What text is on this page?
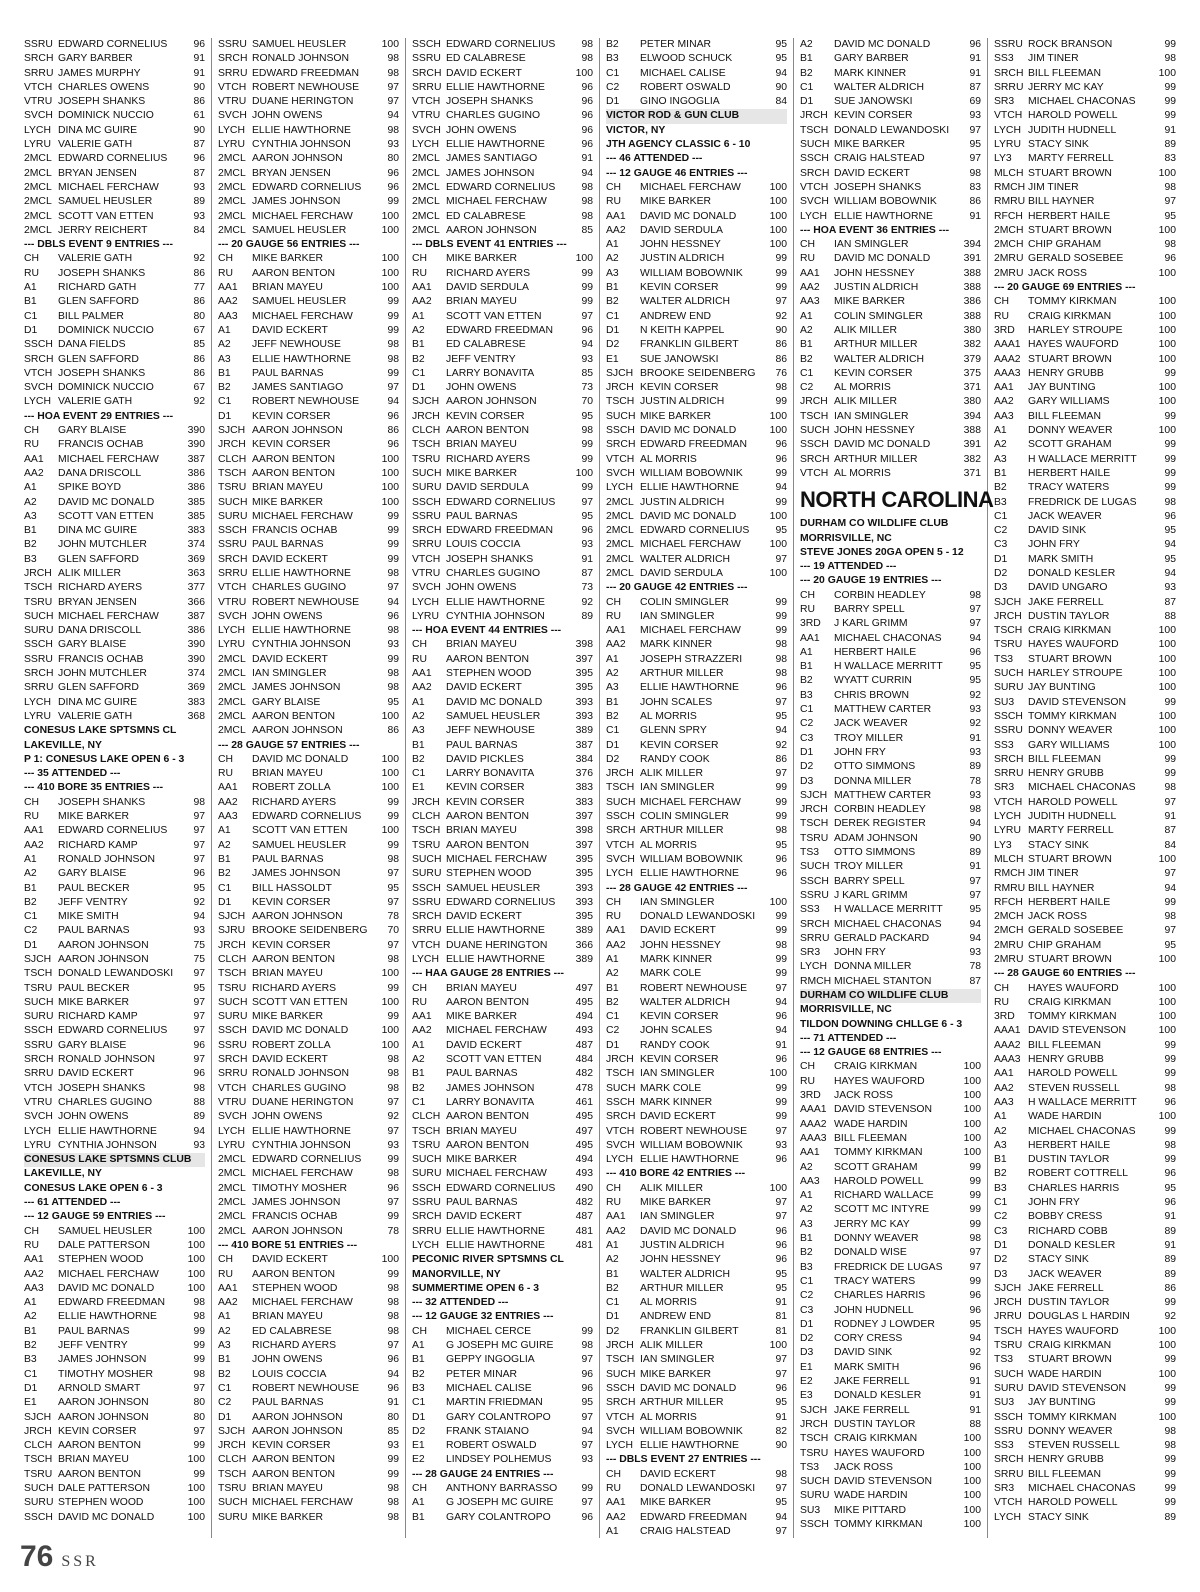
SSRU EDWARD CORNELIUS	96
SRCH GARY BARBER	91
SRRU JAMES MURPHY	91
VTCH CHARLES OWENS	90
VTRU JOSEPH SHANKS	86
SVCH DOMINICK NUCCIO	61
LYCH DINA MC GUIRE	90
LYRU VALERIE GATH	87
2MCL EDWARD CORNELIUS	96
2MCL BRYAN JENSEN	87
2MCL MICHAEL FERCHAW	93
2MCL SAMUEL HEUSLER	89
2MCL SCOTT VAN ETTEN	93
2MCL JERRY REICHERT	84
--- DBLS EVENT 9 ENTRIES ---
CH	VALERIE GATH	92
RU	JOSEPH SHANKS	86
A1	RICHARD GATH	77
B1	GLEN SAFFORD	86
C1	BILL PALMER	80
D1	DOMINICK NUCCIO	67
SSCH DANA FIELDS	85
SRCH GLEN SAFFORD	86
VTCH JOSEPH SHANKS	86
SVCH DOMINICK NUCCIO	67
LYCH VALERIE GATH	92
--- HOA EVENT 29 ENTRIES ---
CH	GARY BLAISE	390
RU	FRANCIS OCHAB	390
AA1	MICHAEL FERCHAW	387
AA2	DANA DRISCOLL	386
A1	SPIKE BOYD	386
A2	DAVID MC DONALD	385
A3	SCOTT VAN ETTEN	385
B1	DINA MC GUIRE	383
B2	JOHN MUTCHLER	374
B3	GLEN SAFFORD	369
JRCH ALIK MILLER	363
TSCH RICHARD AYERS	377
TSRU BRYAN JENSEN	366
SUCH MICHAEL FERCHAW	387
SURU DANA DRISCOLL	386
SSCH GARY BLAISE	390
SSRU FRANCIS OCHAB	390
SRCH JOHN MUTCHLER	374
SRRU GLEN SAFFORD	369
LYCH DINA MC GUIRE	383
LYRU VALERIE GATH	368
CONESUS LAKE SPTSMNS CL
LAKEVILLE, NY
P 1: CONESUS LAKE OPEN 6 - 3
--- 35 ATTENDED ---
--- 410 BORE 35 ENTRIES ---
CH	JOSEPH SHANKS	98
RU	MIKE BARKER	97
AA1	EDWARD CORNELIUS	97
AA2	RICHARD KAMP	97
A1	RONALD JOHNSON	97
A2	GARY BLAISE	96
B1	PAUL BECKER	95
B2	JEFF VENTRY	92
C1	MIKE SMITH	94
C2	PAUL BARNAS	93
D1	AARON JOHNSON	75
SJCH AARON JOHNSON	75
TSCH DONALD LEWANDOSKI	97
TSRU PAUL BECKER	95
SUCH MIKE BARKER	97
SURU RICHARD KAMP	97
SSCH EDWARD CORNELIUS	97
SSRU GARY BLAISE	96
SRCH RONALD JOHNSON	97
SRRU DAVID ECKERT	96
VTCH JOSEPH SHANKS	98
VTRU CHARLES GUGINO	88
SVCH JOHN OWENS	89
LYCH ELLIE HAWTHORNE	94
LYRU CYNTHIA JOHNSON	93
CONESUS LAKE SPTSMNS CLUB
LAKEVILLE, NY
CONESUS LAKE OPEN 6 - 3
--- 61 ATTENDED ---
--- 12 GAUGE 59 ENTRIES ---
CH	SAMUEL HEUSLER	100
RU	DALE PATTERSON	100
AA1	STEPHEN WOOD	100
AA2	MICHAEL FERCHAW	100
AA3	DAVID MC DONALD	100
A1	EDWARD FREEDMAN	98
A2	ELLIE HAWTHORNE	98
B1	PAUL BARNAS	99
B2	JEFF VENTRY	99
B3	JAMES JOHNSON	99
C1	TIMOTHY MOSHER	98
D1	ARNOLD SMART	97
E1	AARON JOHNSON	80
SJCH AARON JOHNSON	80
JRCH KEVIN CORSER	97
CLCH AARON BENTON	99
TSCH BRIAN MAYEU	100
TSRU AARON BENTON	99
SUCH DALE PATTERSON	100
SURU STEPHEN WOOD	100
SSCH DAVID MC DONALD	100
SSRU SAMUEL HEUSLER	100
SRCH RONALD JOHNSON	98
SRRU EDWARD FREEDMAN	98
VTCH ROBERT NEWHOUSE	97
VTRU DUANE HERINGTON	97
SVCH JOHN OWENS	94
LYCH ELLIE HAWTHORNE	98
LYRU CYNTHIA JOHNSON	93
2MCL AARON JOHNSON	80
2MCL BRYAN JENSEN	96
2MCL EDWARD CORNELIUS	96
2MCL JAMES JOHNSON	99
2MCL MICHAEL FERCHAW	100
2MCL SAMUEL HEUSLER	100
--- 20 GAUGE 56 ENTRIES ---
CH	MIKE BARKER	100
RU	AARON BENTON	100
AA1	BRIAN MAYEU	100
AA2	SAMUEL HEUSLER	99
AA3	MICHAEL FERCHAW	99
A1	DAVID ECKERT	99
A2	JEFF NEWHOUSE	98
A3	ELLIE HAWTHORNE	98
B1	PAUL BARNAS	99
B2	JAMES SANTIAGO	97
C1	ROBERT NEWHOUSE	94
D1	KEVIN CORSER	96
SJCH AARON JOHNSON	86
JRCH KEVIN CORSER	96
CLCH AARON BENTON	100
TSCH AARON BENTON	100
TSRU BRIAN MAYEU	100
SUCH MIKE BARKER	100
SURU MICHAEL FERCHAW	99
SSCH FRANCIS OCHAB	99
SSRU PAUL BARNAS	99
SRCH DAVID ECKERT	99
SRRU ELLIE HAWTHORNE	98
VTCH CHARLES GUGINO	97
VTRU ROBERT NEWHOUSE	94
SVCH JOHN OWENS	96
LYCH ELLIE HAWTHORNE	98
LYRU CYNTHIA JOHNSON	93
2MCL DAVID ECKERT	99
2MCL IAN SMINGLER	98
2MCL JAMES JOHNSON	98
2MCL GARY BLAISE	95
2MCL AARON BENTON	100
2MCL AARON JOHNSON	86
--- 28 GAUGE 57 ENTRIES ---
CH	DAVID MC DONALD	100
RU	BRIAN MAYEU	100
AA1	ROBERT ZOLLA	100
AA2	RICHARD AYERS	99
AA3	EDWARD CORNELIUS	99
A1	SCOTT VAN ETTEN	100
A2	SAMUEL HEUSLER	99
B1	PAUL BARNAS	98
B2	JAMES JOHNSON	97
C1	BILL HASSOLDT	95
D1	KEVIN CORSER	97
SJCH AARON JOHNSON	78
SJRU BROOKE SEIDENBERG	70
JRCH KEVIN CORSER	97
CLCH AARON BENTON	98
TSCH BRIAN MAYEU	100
TSRU RICHARD AYERS	99
SUCH SCOTT VAN ETTEN	100
SURU MIKE BARKER	99
SSCH DAVID MC DONALD	100
SSRU ROBERT ZOLLA	100
SRCH DAVID ECKERT	98
SRRU RONALD JOHNSON	98
VTCH CHARLES GUGINO	98
VTRU DUANE HERINGTON	97
SVCH JOHN OWENS	92
LYCH ELLIE HAWTHORNE	97
LYRU CYNTHIA JOHNSON	93
2MCL EDWARD CORNELIUS	99
2MCL MICHAEL FERCHAW	98
2MCL TIMOTHY MOSHER	96
2MCL JAMES JOHNSON	97
2MCL FRANCIS OCHAB	99
2MCL AARON JOHNSON	78
--- 410 BORE 51 ENTRIES ---
CH	DAVID ECKERT	100
RU	AARON BENTON	99
AA1	STEPHEN WOOD	98
AA2	MICHAEL FERCHAW	98
A1	BRIAN MAYEU	98
A2	ED CALABRESE	98
A3	RICHARD AYERS	97
B1	JOHN OWENS	96
B2	LOUIS COCCIA	94
C1	ROBERT NEWHOUSE	96
C2	PAUL BARNAS	91
D1	AARON JOHNSON	80
SJCH AARON JOHNSON	85
JRCH KEVIN CORSER	93
CLCH AARON BENTON	99
TSCH AARON BENTON	99
TSRU BRIAN MAYEU	98
SUCH MICHAEL FERCHAW	98
SURU MIKE BARKER	98
SSCH EDWARD CORNELIUS	98
SSRU ED CALABRESE	98
SRCH DAVID ECKERT	100
SRRU ELLIE HAWTHORNE	96
VTCH JOSEPH SHANKS	96
VTRU CHARLES GUGINO	96
SVCH JOHN OWENS	96
LYCH ELLIE HAWTHORNE	96
2MCL JAMES SANTIAGO	91
2MCL JAMES JOHNSON	94
2MCL EDWARD CORNELIUS	98
2MCL MICHAEL FERCHAW	98
2MCL ED CALABRESE	98
2MCL AARON JOHNSON	85
--- DBLS EVENT 41 ENTRIES ---
CH	MIKE BARKER	100
RU	RICHARD AYERS	99
AA1	DAVID SERDULA	99
AA2	BRIAN MAYEU	99
A1	SCOTT VAN ETTEN	97
A2	EDWARD FREEDMAN	96
B1	ED CALABRESE	94
B2	JEFF VENTRY	93
C1	LARRY BONAVITA	85
D1	JOHN OWENS	73
SJCH AARON JOHNSON	70
JRCH KEVIN CORSER	95
CLCH AARON BENTON	98
TSCH BRIAN MAYEU	99
TSRU RICHARD AYERS	99
SUCH MIKE BARKER	100
SURU DAVID SERDULA	99
SSCH EDWARD CORNELIUS	97
SSRU PAUL BARNAS	95
SRCH EDWARD FREEDMAN	96
SRRU LOUIS COCCIA	93
VTCH JOSEPH SHANKS	91
VTRU CHARLES GUGINO	87
SVCH JOHN OWENS	73
LYCH ELLIE HAWTHORNE	92
LYRU CYNTHIA JOHNSON	89
--- HOA EVENT 44 ENTRIES ---
CH	BRIAN MAYEU	398
RU	AARON BENTON	397
AA1	STEPHEN WOOD	395
AA2	DAVID ECKERT	395
A1	DAVID MC DONALD	393
A2	SAMUEL HEUSLER	393
A3	JEFF NEWHOUSE	389
B1	PAUL BARNAS	387
B2	DAVID PICKLES	384
C1	LARRY BONAVITA	376
E1	KEVIN CORSER	383
JRCH KEVIN CORSER	383
CLCH AARON BENTON	397
TSCH BRIAN MAYEU	398
TSRU AARON BENTON	397
SUCH MICHAEL FERCHAW	395
SURU STEPHEN WOOD	395
SSCH SAMUEL HEUSLER	393
SSRU EDWARD CORNELIUS	393
SRCH DAVID ECKERT	395
SRRU ELLIE HAWTHORNE	389
VTCH DUANE HERINGTON	366
LYCH ELLIE HAWTHORNE	389
--- HAA GAUGE 28 ENTRIES ---
CH	BRIAN MAYEU	497
RU	AARON BENTON	495
AA1	MIKE BARKER	494
AA2	MICHAEL FERCHAW	493
A1	DAVID ECKERT	487
A2	SCOTT VAN ETTEN	484
B1	PAUL BARNAS	482
B2	JAMES JOHNSON	478
C1	LARRY BONAVITA	461
CLCH AARON BENTON	495
TSCH BRIAN MAYEU	497
TSRU AARON BENTON	495
SUCH MIKE BARKER	494
SURU MICHAEL FERCHAW	493
SSCH EDWARD CORNELIUS	490
SSRU PAUL BARNAS	482
SRCH DAVID ECKERT	487
SRRU ELLIE HAWTHORNE	481
LYCH ELLIE HAWTHORNE	481
PECONIC RIVER SPTSMNS CL
MANORVILLE, NY
SUMMERTIME OPEN 6 - 3
--- 32 ATTENDED ---
--- 12 GAUGE 32 ENTRIES ---
CH	MICHAEL CERCE	99
A1	G JOSEPH MC GUIRE	98
B1	GEPPY INGOGLIA	97
B2	PETER MINAR	96
B3	MICHAEL CALISE	96
C1	MARTIN FRIEDMAN	95
D1	GARY COLANTROPO	97
D2	FRANK STAIANO	94
E1	ROBERT OSWALD	97
E2	LINDSEY POLHEMUS	93
--- 28 GAUGE 24 ENTRIES ---
CH	ANTHONY BARRASSO	99
A1	G JOSEPH MC GUIRE	97
B1	GARY COLANTROPO	96
B2	PETER MINAR	95
B3	ELWOOD SCHUCK	95
C1	MICHAEL CALISE	94
C2	ROBERT OSWALD	90
D1	GINO INGOGLIA	84
VICTOR ROD & GUN CLUB
VICTOR, NY
JTH AGENCY CLASSIC 6 - 10
--- 46 ATTENDED ---
--- 12 GAUGE 46 ENTRIES ---
CH	MICHAEL FERCHAW	100
RU	MIKE BARKER	100
AA1	DAVID MC DONALD	100
AA2	DAVID SERDULA	100
A1	JOHN HESSNEY	100
A2	JUSTIN ALDRICH	99
A3	WILLIAM BOBOWNIK	99
B1	KEVIN CORSER	99
B2	WALTER ALDRICH	97
C1	ANDREW END	92
D1	N KEITH KAPPEL	90
D2	FRANKLIN GILBERT	86
E1	SUE JANOWSKI	86
SJCH BROOKE SEIDENBERG	76
JRCH KEVIN CORSER	98
TSCH JUSTIN ALDRICH	99
SUCH MIKE BARKER	100
SSCH DAVID MC DONALD	100
SRCH EDWARD FREEDMAN	96
VTCH AL MORRIS	96
SVCH WILLIAM BOBOWNIK	99
LYCH ELLIE HAWTHORNE	94
2MCL JUSTIN ALDRICH	99
2MCL DAVID MC DONALD	100
2MCL EDWARD CORNELIUS	95
2MCL MICHAEL FERCHAW	100
2MCL WALTER ALDRICH	97
2MCL DAVID SERDULA	100
--- 20 GAUGE 42 ENTRIES ---
CH	COLIN SMINGLER	99
RU	IAN SMINGLER	99
AA1	MICHAEL FERCHAW	99
AA2	MARK KINNER	98
A1	JOSEPH STRAZZERI	98
A2	ARTHUR MILLER	98
A3	ELLIE HAWTHORNE	96
B1	JOHN SCALES	97
B2	AL MORRIS	95
C1	GLENN SPRY	94
D1	KEVIN CORSER	92
D2	RANDY COOK	86
JRCH ALIK MILLER	97
TSCH IAN SMINGLER	99
SUCH MICHAEL FERCHAW	99
SSCH COLIN SMINGLER	99
SRCH ARTHUR MILLER	98
VTCH AL MORRIS	95
SVCH WILLIAM BOBOWNIK	96
LYCH ELLIE HAWTHORNE	96
--- 28 GAUGE 42 ENTRIES ---
CH	IAN SMINGLER	100
RU	DONALD LEWANDOSKI	99
AA1	DAVID ECKERT	99
AA2	JOHN HESSNEY	98
A1	MARK KINNER	99
A2	MARK COLE	99
B1	ROBERT NEWHOUSE	97
B2	WALTER ALDRICH	94
C1	KEVIN CORSER	96
C2	JOHN SCALES	94
D1	RANDY COOK	91
JRCH KEVIN CORSER	96
TSCH IAN SMINGLER	100
SUCH MARK COLE	99
SSCH MARK KINNER	99
SRCH DAVID ECKERT	99
VTCH ROBERT NEWHOUSE	97
SVCH WILLIAM BOBOWNIK	93
LYCH ELLIE HAWTHORNE	96
--- 410 BORE 42 ENTRIES ---
CH	ALIK MILLER	100
RU	MIKE BARKER	97
AA1	IAN SMINGLER	97
AA2	DAVID MC DONALD	96
A1	JUSTIN ALDRICH	96
A2	JOHN HESSNEY	96
B1	WALTER ALDRICH	95
B2	ARTHUR MILLER	95
C1	AL MORRIS	91
D1	ANDREW END	81
D2	FRANKLIN GILBERT	81
JRCH ALIK MILLER	100
TSCH IAN SMINGLER	97
SUCH MIKE BARKER	97
SSCH DAVID MC DONALD	96
SRCH ARTHUR MILLER	95
VTCH AL MORRIS	91
SVCH WILLIAM BOBOWNIK	82
LYCH ELLIE HAWTHORNE	90
--- DBLS EVENT 27 ENTRIES ---
CH	DAVID ECKERT	98
RU	DONALD LEWANDOSKI	97
AA1	MIKE BARKER	95
AA2	EDWARD FREEDMAN	94
A1	CRAIG HALSTEAD	97
A2	DAVID MC DONALD	96
B1	GARY BARBER	91
B2	MARK KINNER	91
C1	WALTER ALDRICH	87
D1	SUE JANOWSKI	69
JRCH KEVIN CORSER	93
TSCH DONALD LEWANDOSKI	97
SUCH MIKE BARKER	95
SSCH CRAIG HALSTEAD	97
SRCH DAVID ECKERT	98
VTCH JOSEPH SHANKS	83
SVCH WILLIAM BOBOWNIK	86
LYCH ELLIE HAWTHORNE	91
--- HOA EVENT 36 ENTRIES ---
CH	IAN SMINGLER	394
RU	DAVID MC DONALD	391
AA1	JOHN HESSNEY	388
AA2	JUSTIN ALDRICH	388
AA3	MIKE BARKER	386
A1	COLIN SMINGLER	388
A2	ALIK MILLER	380
B1	ARTHUR MILLER	382
B2	WALTER ALDRICH	379
C1	KEVIN CORSER	375
C2	AL MORRIS	371
JRCH ALIK MILLER	380
TSCH IAN SMINGLER	394
SUCH JOHN HESSNEY	388
SSCH DAVID MC DONALD	391
SRCH ARTHUR MILLER	382
VTCH AL MORRIS	371
NORTH CAROLINA
DURHAM CO WILDLIFE CLUB
MORRISVILLE, NC
STEVE JONES 20GA OPEN 5 - 12
--- 19 ATTENDED ---
--- 20 GAUGE 19 ENTRIES ---
CH	CORBIN HEADLEY	98
RU	BARRY SPELL	97
3RD	J KARL GRIMM	97
AA1	MICHAEL CHACONAS	94
A1	HERBERT HAILE	96
B1	H WALLACE MERRITT	95
B2	WYATT CURRIN	95
B3	CHRIS BROWN	92
C1	MATTHEW CARTER	93
C2	JACK WEAVER	92
C3	TROY MILLER	91
D1	JOHN FRY	93
D2	OTTO SIMMONS	89
D3	DONNA MILLER	78
SJCH MATTHEW CARTER	93
JRCH CORBIN HEADLEY	98
TSCH DEREK REGISTER	94
TSRU ADAM JOHNSON	90
TS3	OTTO SIMMONS	89
SUCH TROY MILLER	91
SSCH BARRY SPELL	97
SSRU J KARL GRIMM	97
SS3	H WALLACE MERRITT	95
SRCH MICHAEL CHACONAS	94
SRRU GERALD PACKARD	94
SR3	JOHN FRY	93
LYCH DONNA MILLER	78
RMCH MICHAEL STANTON	87
DURHAM CO WILDLIFE CLUB
MORRISVILLE, NC
TILDON DOWNING CHLLGE 6 - 3
--- 71 ATTENDED ---
--- 12 GAUGE 68 ENTRIES ---
CH	CRAIG KIRKMAN	100
RU	HAYES WAUFORD	100
3RD	JACK ROSS	100
AAA1 DAVID STEVENSON	100
AAA2 WADE HARDIN	100
AAA3 BILL FLEEMAN	100
AA1	TOMMY KIRKMAN	100
A2	SCOTT GRAHAM	99
AA3	HAROLD POWELL	99
A1	RICHARD WALLACE	99
A2	SCOTT MC INTYRE	99
A3	JERRY MC KAY	99
B1	DONNY WEAVER	98
B2	DONALD WISE	97
B3	FREDRICK DE LUGAS	97
C1	TRACY WATERS	99
C2	CHARLES HARRIS	96
C3	JOHN HUDNELL	96
D1	RODNEY J LOWDER	95
D2	CORY CRESS	94
D3	DAVID SINK	92
E1	MARK SMITH	96
E2	JAKE FERRELL	91
E3	DONALD KESLER	91
SJCH JAKE FERRELL	91
JRCH DUSTIN TAYLOR	88
TSCH CRAIG KIRKMAN	100
TSRU HAYES WAUFORD	100
TS3	JACK ROSS	100
SUCH DAVID STEVENSON	100
SURU WADE HARDIN	100
SU3	MIKE PITTARD	100
SSCH TOMMY KIRKMAN	100
SSRU ROCK BRANSON	99
SS3	JIM TINER	98
SRCH BILL FLEEMAN	100
SRRU JERRY MC KAY	99
SR3	MICHAEL CHACONAS	99
VTCH HAROLD POWELL	99
LYCH JUDITH HUDNELL	91
LYRU STACY SINK	89
LY3	MARTY FERRELL	83
MLCH STUART BROWN	100
RMCH JIM TINER	98
RMRU BILL HAYNER	97
RFCH HERBERT HAILE	95
2MCH STUART BROWN	100
2MCH CHIP GRAHAM	98
2MRU GERALD SOSEBEE	96
2MRU JACK ROSS	100
--- 20 GAUGE 69 ENTRIES ---
CH	TOMMY KIRKMAN	100
RU	CRAIG KIRKMAN	100
3RD	HARLEY STROUPE	100
AAA1 HAYES WAUFORD	100
AAA2 STUART BROWN	100
AAA3 HENRY GRUBB	99
AA1	JAY BUNTING	100
AA2	GARY WILLIAMS	100
AA3	BILL FLEEMAN	99
A1	DONNY WEAVER	100
A2	SCOTT GRAHAM	99
A3	H WALLACE MERRITT	99
B1	HERBERT HAILE	99
B2	TRACY WATERS	99
B3	FREDRICK DE LUGAS	98
C1	JACK WEAVER	96
C2	DAVID SINK	95
C3	JOHN FRY	94
D1	MARK SMITH	95
D2	DONALD KESLER	94
D3	DAVID UNGARO	93
SJCH JAKE FERRELL	87
JRCH DUSTIN TAYLOR	88
TSCH CRAIG KIRKMAN	100
TSRU HAYES WAUFORD	100
TS3	STUART BROWN	100
SUCH HARLEY STROUPE	100
SURU JAY BUNTING	100
SU3	DAVID STEVENSON	99
SSCH TOMMY KIRKMAN	100
SSRU DONNY WEAVER	100
SS3	GARY WILLIAMS	100
SRCH BILL FLEEMAN	99
SRRU HENRY GRUBB	99
SR3	MICHAEL CHACONAS	98
VTCH HAROLD POWELL	97
LYCH JUDITH HUDNELL	91
LYRU MARTY FERRELL	87
LY3	STACY SINK	84
MLCH STUART BROWN	100
RMCH JIM TINER	97
RMRU BILL HAYNER	94
RFCH HERBERT HAILE	99
2MCH JACK ROSS	98
2MCH GERALD SOSEBEE	97
2MRU CHIP GRAHAM	95
2MRU STUART BROWN	100
--- 28 GAUGE 60 ENTRIES ---
CH	HAYES WAUFORD	100
RU	CRAIG KIRKMAN	100
3RD	TOMMY KIRKMAN	100
AAA1 DAVID STEVENSON	100
AAA2 BILL FLEEMAN	99
AAA3 HENRY GRUBB	99
AA1	HAROLD POWELL	99
AA2	STEVEN RUSSELL	98
AA3	H WALLACE MERRITT	96
A1	WADE HARDIN	100
A2	MICHAEL CHACONAS	99
A3	HERBERT HAILE	98
B1	DUSTIN TAYLOR	99
B2	ROBERT COTTRELL	96
B3	CHARLES HARRIS	95
C1	JOHN FRY	96
C2	BOBBY CRESS	91
C3	RICHARD COBB	89
D1	DONALD KESLER	91
D2	STACY SINK	89
D3	JACK WEAVER	89
SJCH JAKE FERRELL	86
JRCH DUSTIN TAYLOR	99
JRRU DOUGLAS L HARDIN	92
TSCH HAYES WAUFORD	100
TSRU CRAIG KIRKMAN	100
TS3	STUART BROWN	99
SUCH WADE HARDIN	100
SURU DAVID STEVENSON	99
SU3	JAY BUNTING	99
SSCH TOMMY KIRKMAN	100
SSRU DONNY WEAVER	98
SS3	STEVEN RUSSELL	98
SRCH HENRY GRUBB	99
SRRU BILL FLEEMAN	99
SR3	MICHAEL CHACONAS	99
VTCH HAROLD POWELL	99
LYCH STACY SINK	89
76 SSR
